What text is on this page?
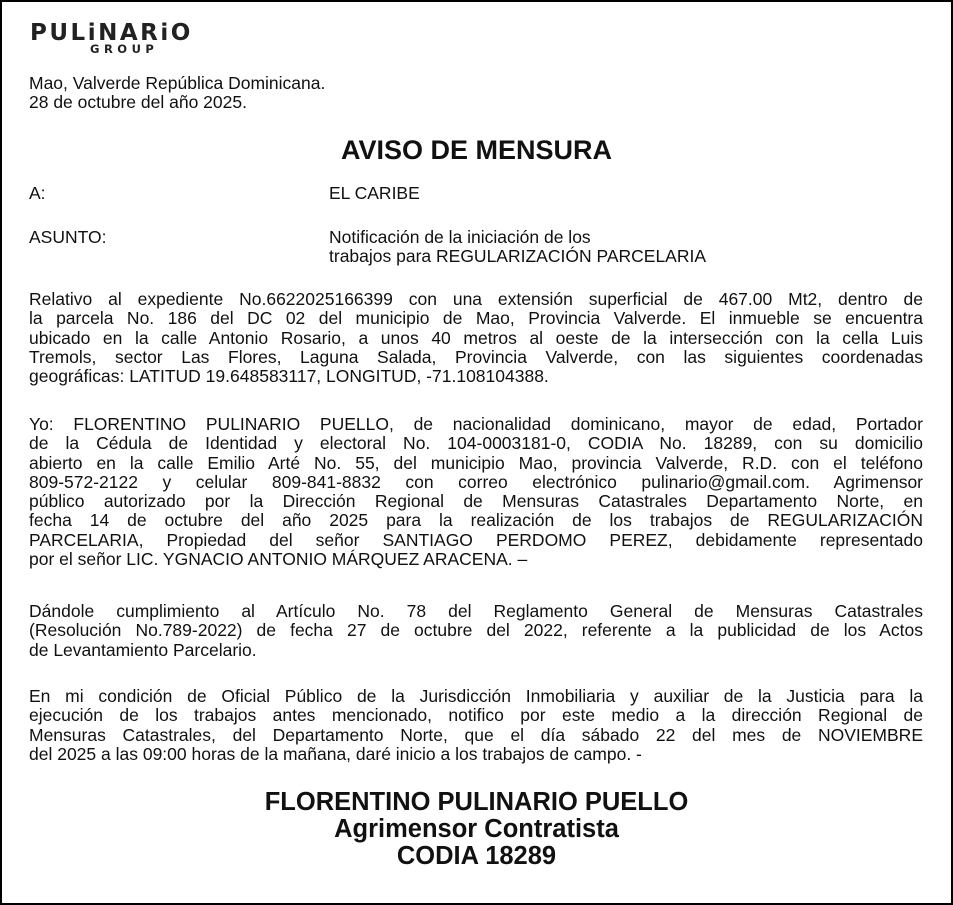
PULiNARiO
GROUP
Mao, Valverde República Dominicana.
28 de octubre del año 2025.
AVISO DE MENSURA
A:	EL CARIBE
ASUNTO:	Notificación de la iniciación de los
trabajos para REGULARIZACIÓN PARCELARIA
Relativo al expediente No.6622025166399 con una extensión superficial de 467.00 Mt2, dentro de
la parcela No. 186 del DC 02 del municipio de Mao, Provincia Valverde. El inmueble se encuentra
ubicado en la calle Antonio Rosario, a unos 40 metros al oeste de la intersección con la cella Luis
Tremols, sector Las Flores, Laguna Salada, Provincia Valverde, con las siguientes coordenadas
geográficas: LATITUD 19.648583117, LONGITUD, -71.108104388.
Yo: FLORENTINO PULINARIO PUELLO, de nacionalidad dominicano, mayor de edad, Portador
de la Cédula de Identidad y electoral No. 104-0003181-0, CODIA No. 18289, con su domicilio
abierto en la calle Emilio Arté No. 55, del municipio Mao, provincia Valverde, R.D. con el teléfono
809-572-2122 y celular 809-841-8832 con correo electrónico pulinario@gmail.com. Agrimensor
público autorizado por la Dirección Regional de Mensuras Catastrales Departamento Norte, en
fecha 14 de octubre del año 2025 para la realización de los trabajos de REGULARIZACIÓN
PARCELARIA, Propiedad del señor SANTIAGO PERDOMO PEREZ, debidamente representado
por el señor LIC. YGNACIO ANTONIO MÁRQUEZ ARACENA. –
Dándole cumplimiento al Artículo No. 78 del Reglamento General de Mensuras Catastrales
(Resolución No.789-2022) de fecha 27 de octubre del 2022, referente a la publicidad de los Actos
de Levantamiento Parcelario.
En mi condición de Oficial Público de la Jurisdicción Inmobiliaria y auxiliar de la Justicia para la
ejecución de los trabajos antes mencionado, notifico por este medio a la dirección Regional de
Mensuras Catastrales, del Departamento Norte, que el día sábado 22 del mes de NOVIEMBRE
del 2025 a las 09:00 horas de la mañana, daré inicio a los trabajos de campo. -
FLORENTINO PULINARIO PUELLO
Agrimensor Contratista
CODIA 18289
